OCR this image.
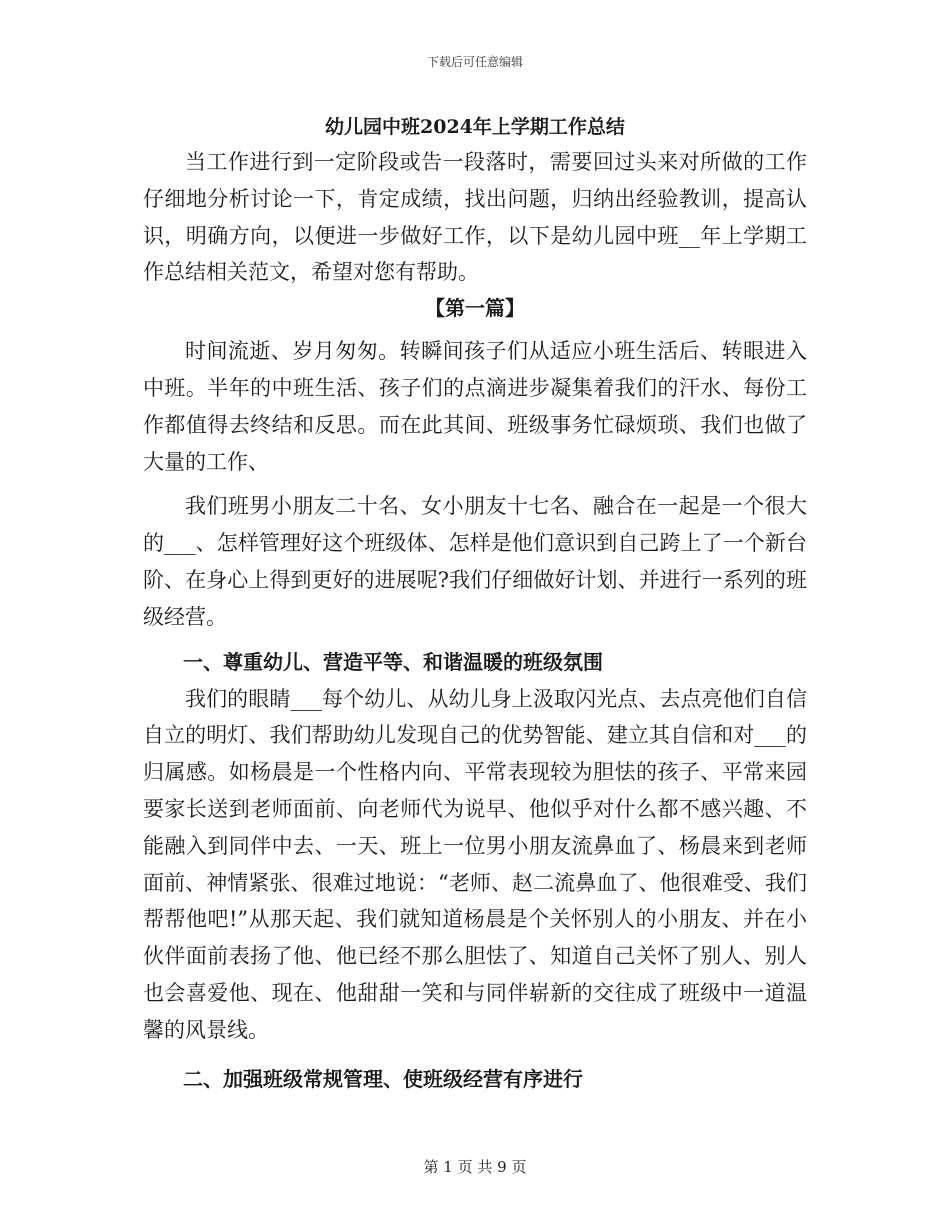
下载后可任意编辑
幼儿园中班2024年上学期工作总结

当工作进行到一定阶段或告一段落时，需要回过头来对所做的工作仔细地分析讨论一下，肯定成绩，找出问题，归纳出经验教训，提高认识，明确方向，以便进一步做好工作，以下是幼儿园中班__年上学期工作总结相关范文，希望对您有帮助。

【第一篇】

时间流逝、岁月匆匆。转瞬间孩子们从适应小班生活后、转眼进入中班。半年的中班生活、孩子们的点滴进步凝集着我们的汗水、每份工作都值得去终结和反思。而在此其间、班级事务忙碌烦琐、我们也做了大量的工作、

我们班男小朋友二十名、女小朋友十七名、融合在一起是一个很大的___、怎样管理好这个班级体、怎样是他们意识到自己跨上了一个新台阶、在身心上得到更好的进展呢?我们仔细做好计划、并进行一系列的班级经营。

一、尊重幼儿、营造平等、和谐温暖的班级氛围

我们的眼睛___每个幼儿、从幼儿身上汲取闪光点、去点亮他们自信自立的明灯、我们帮助幼儿发现自己的优势智能、建立其自信和对___的归属感。如杨晨是一个性格内向、平常表现较为胆怯的孩子、平常来园要家长送到老师面前、向老师代为说早、他似乎对什么都不感兴趣、不能融入到同伴中去、一天、班上一位男小朋友流鼻血了、杨晨来到老师面前、神情紧张、很难过地说：“老师、赵二流鼻血了、他很难受、我们帮帮他吧!”从那天起、我们就知道杨晨是个关怀别人的小朋友、并在小伙伴面前表扬了他、他已经不那么胆怯了、知道自己关怀了别人、别人也会喜爱他、现在、他甜甜一笑和与同伴崭新的交往成了班级中一道温馨的风景线。

二、加强班级常规管理、使班级经营有序进行
第 1 页 共 9 页
